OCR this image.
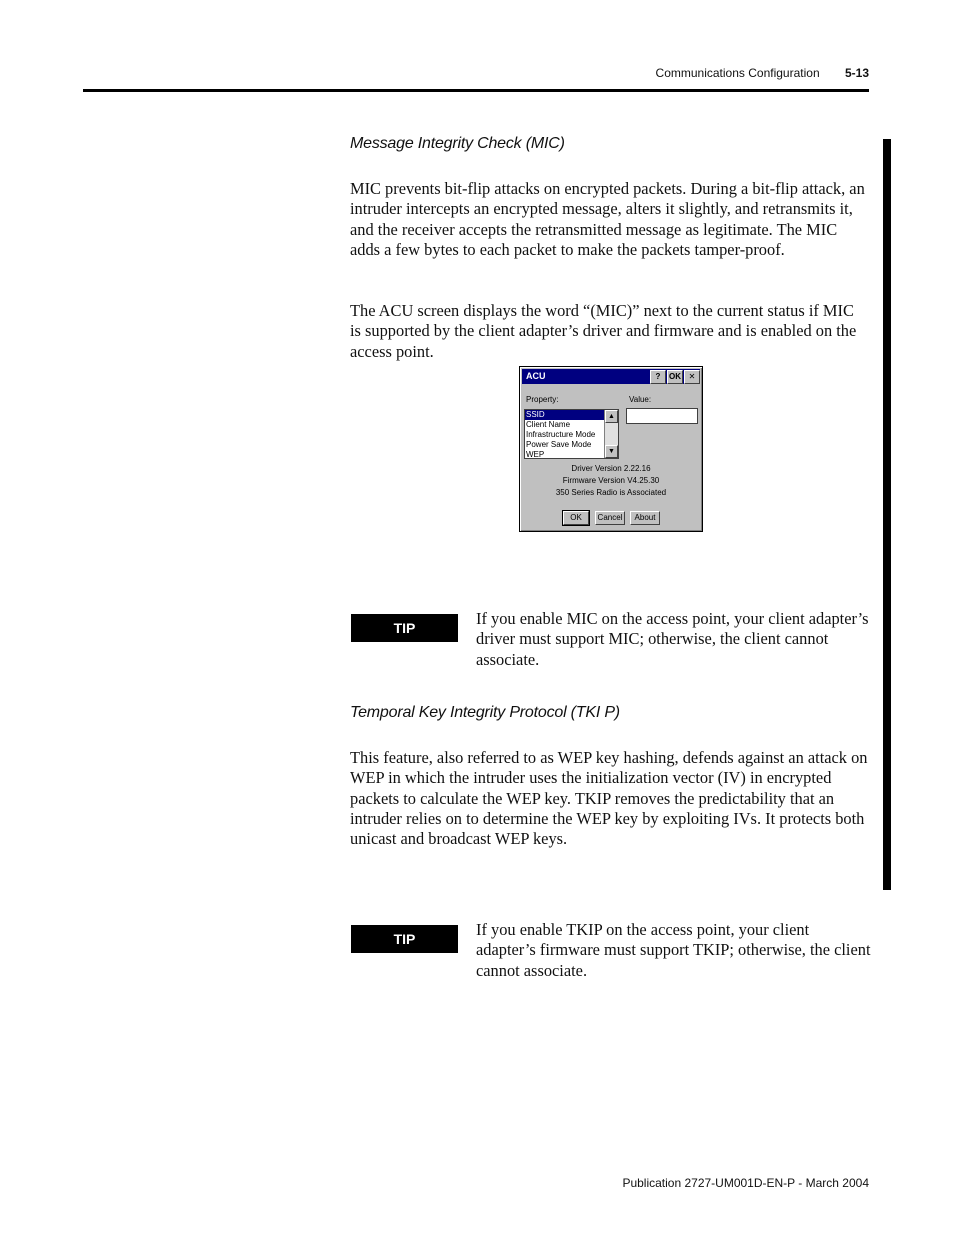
Communications Configuration 5-13
Message Integrity Check (MIC)

MIC prevents bit-flip attacks on encrypted packets. During a bit-flip attack, an intruder intercepts an encrypted message, alters it slightly, and retransmits it, and the receiver accepts the retransmitted message as legitimate. The MIC adds a few bytes to each packet to make the packets tamper-proof.

The ACU screen displays the word “(MIC)” next to the current status if MIC is supported by the client adapter’s driver and firmware and is enabled on the access point.

ACU	?	OK ✕
Property:	Value:
SSID
Client Name
Infrastructure Mode
Power Save Mode
WEP
▲
▼
Driver Version 2.22.16
Firmware Version V4.25.30
350 Series Radio is Associated
OK	Cancel	About
TIP	If you enable MIC on the access point, your client adapter’s driver must support MIC; otherwise, the client cannot associate.

Temporal Key Integrity Protocol (TKI P)

This feature, also referred to as WEP key hashing, defends against an attack on WEP in which the intruder uses the initialization vector (IV) in encrypted packets to calculate the WEP key. TKIP removes the predictability that an intruder relies on to determine the WEP key by exploiting IVs. It protects both unicast and broadcast WEP keys.

TIP	If you enable TKIP on the access point, your client adapter’s firmware must support TKIP; otherwise, the client cannot associate.

Publication 2727-UM001D-EN-P - March 2004
